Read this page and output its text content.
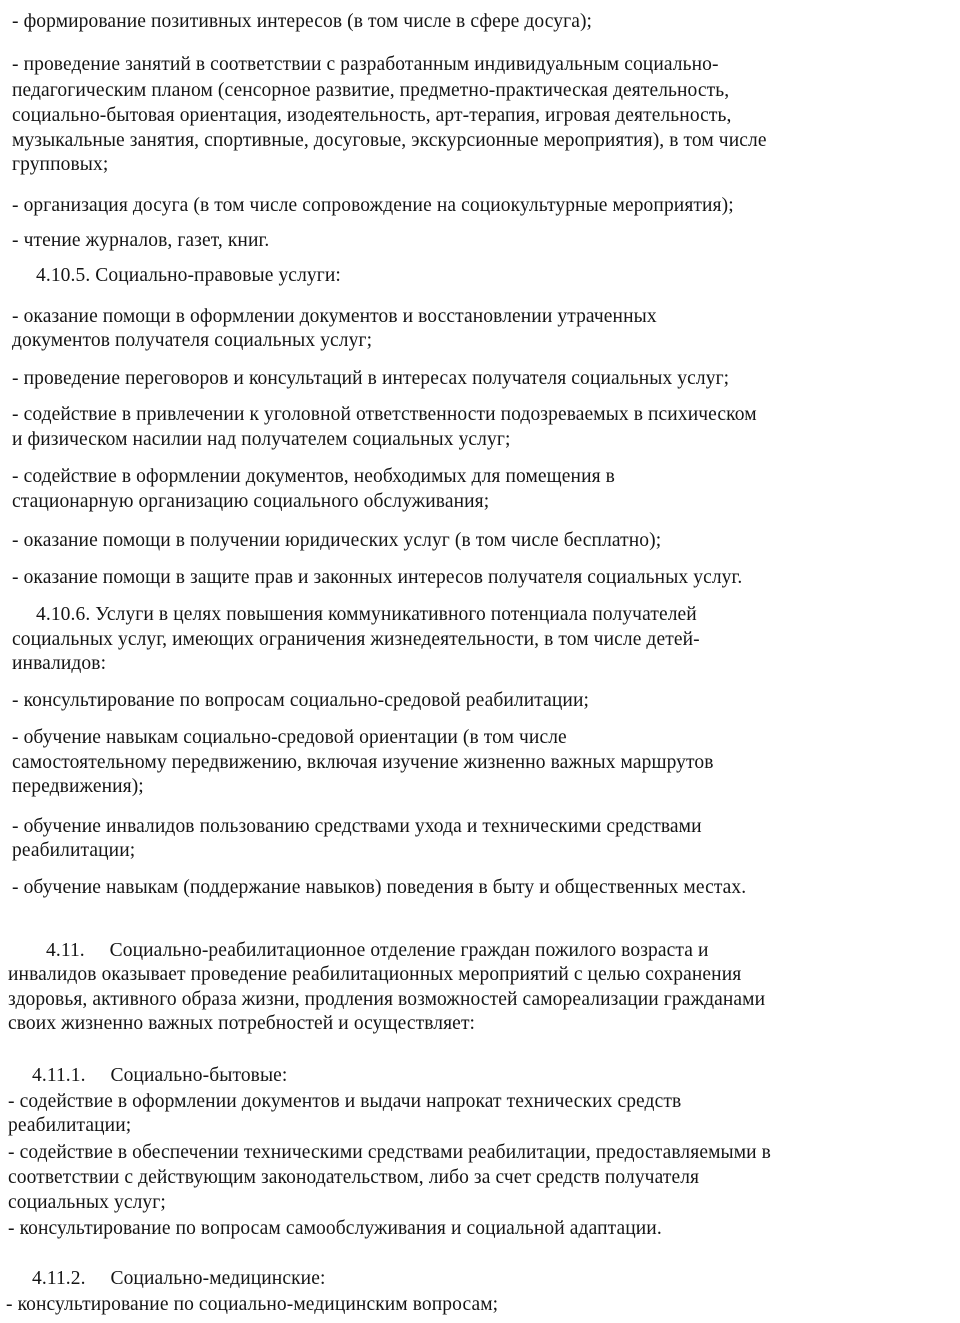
- формирование позитивных интересов (в том числе в сфере досуга);
- проведение занятий в соответствии с разработанным индивидуальным социально-
педагогическим планом (сенсорное развитие, предметно-практическая деятельность,
социально-бытовая ориентация, изодеятельность, арт-терапия, игровая деятельность,
музыкальные занятия, спортивные, досуговые, экскурсионные мероприятия), в том числе
групповых;
- организация досуга (в том числе сопровождение на социокультурные мероприятия);
- чтение журналов, газет, книг.
4.10.5. Социально-правовые услуги:
- оказание помощи в оформлении документов и восстановлении утраченных
документов получателя социальных услуг;
- проведение переговоров и консультаций в интересах получателя социальных услуг;
- содействие в привлечении к уголовной ответственности подозреваемых в психическом
и физическом насилии над получателем социальных услуг;
- содействие в оформлении документов, необходимых для помещения в
стационарную организацию социального обслуживания;
- оказание помощи в получении юридических услуг (в том числе бесплатно);
- оказание помощи в защите прав и законных интересов получателя социальных услуг.
4.10.6. Услуги в целях повышения коммуникативного потенциала получателей
социальных услуг, имеющих ограничения жизнедеятельности, в том числе детей-
инвалидов:
- консультирование по вопросам социально-средовой реабилитации;
- обучение навыкам социально-средовой ориентации (в том числе
самостоятельному передвижению, включая изучение жизненно важных маршрутов
передвижения);
- обучение инвалидов пользованию средствами ухода и техническими средствами
реабилитации;
- обучение навыкам (поддержание навыков) поведения в быту и общественных местах.
4.11.     Социально-реабилитационное отделение граждан пожилого возраста и
инвалидов оказывает проведение реабилитационных мероприятий с целью сохранения
здоровья, активного образа жизни, продления возможностей самореализации гражданами
своих жизненно важных потребностей и осуществляет:
4.11.1.     Социально-бытовые:
- содействие в оформлении документов и выдачи напрокат технических средств
реабилитации;
- содействие в обеспечении техническими средствами реабилитации, предоставляемыми в
соответствии с действующим законодательством, либо за счет средств получателя
социальных услуг;
- консультирование по вопросам самообслуживания и социальной адаптации.
4.11.2.     Социально-медицинские:
- консультирование по социально-медицинским вопросам;
